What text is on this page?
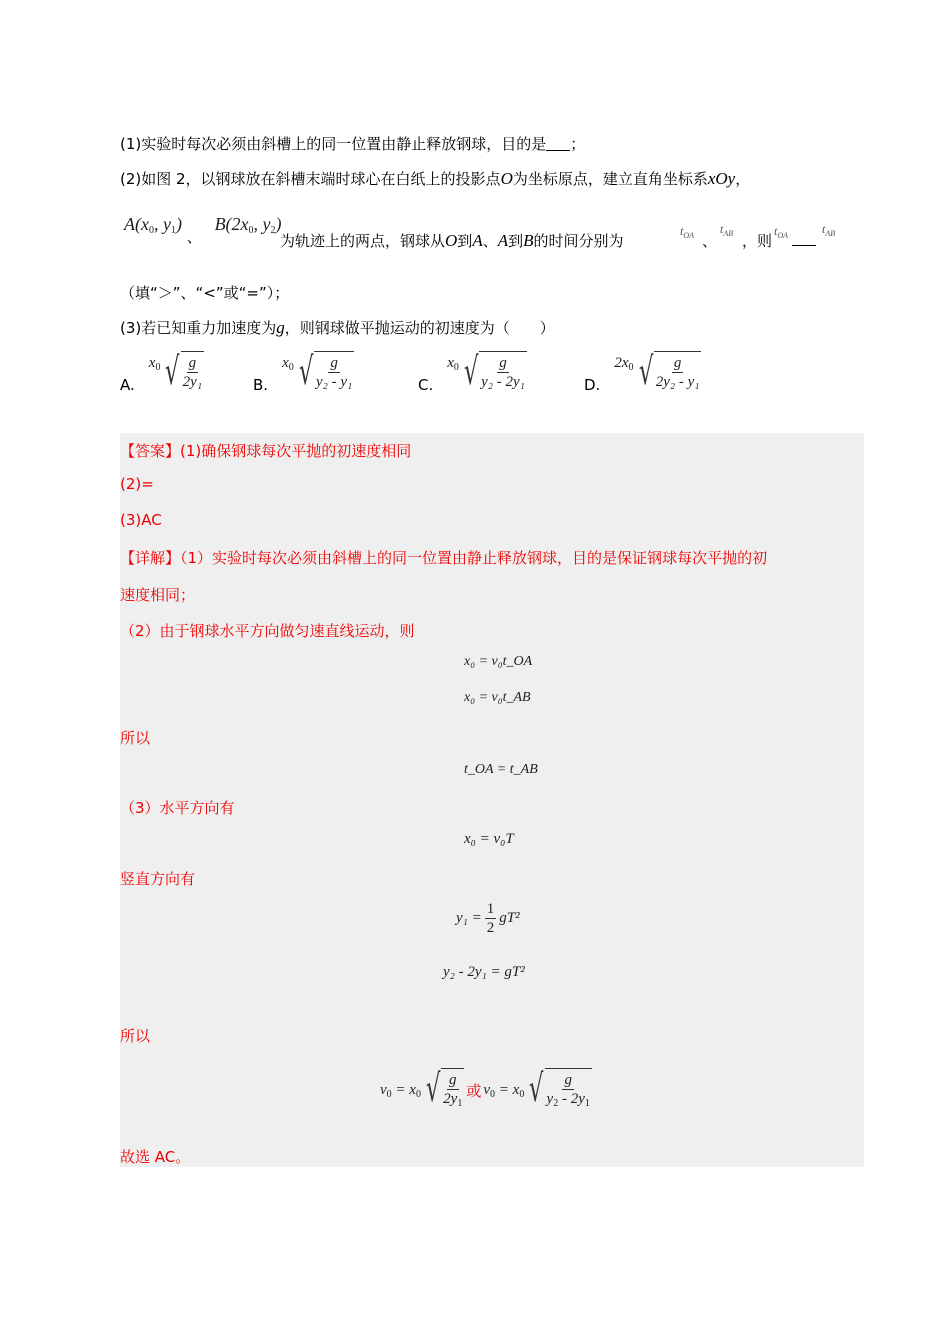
(1)实验时每次必须由斜槽上的同一位置由静止释放钢球，目的是 ；
(2)如图 2，以钢球放在斜槽末端时球心在白纸上的投影点O为坐标原点，建立直角坐标系xOy，
$A(x_0$, $y_1$) 、 $B(2x_0$, $y_2$)
为轨迹上的两点，钢球从O到A、A到B的时间分别为
$t_{OA}$ 、
$t_{AB}$ ，则
$t_{OA}$	$t_{AB}$
（填“＞”、“<”或“=”）；
(3)若已知重力加速度为g，则钢球做平抛运动的初速度为（　　）
A.
$x_0$ √ $\frac{g}{\text{2y₁}}$	B.
$x_0$ √ $\frac{g}{\text{y₂ - y₁}}$	C.
$x_0$ √ $\frac{g}{\text{y₂ - 2y₁}}$	D.
$2x_0$ √ $\frac{g}{\text{2y₂ - y₁}}$
【答案】(1)确保钢球每次平抛的初速度相同
(2)=
(3)AC
【详解】（1）实验时每次必须由斜槽上的同一位置由静止释放钢球，目的是保证钢球每次平抛的初
速度相同；
（2）由于钢球水平方向做匀速直线运动，则
x₀ = v₀t_OA
x₀ = v₀t_AB
所以
t_OA = t_AB
（3）水平方向有
x₀ = v₀T
竖直方向有
$y_1 = \frac{1}{2} gT^2$
y₂ - 2y₁ = gT²
所以
$v_0 = x_0$ √ $\frac{g}{2y_1}$ 或 $v_0 = x_0$ √ $\frac{g}{y_2 - 2y_1}$
故选 AC。
